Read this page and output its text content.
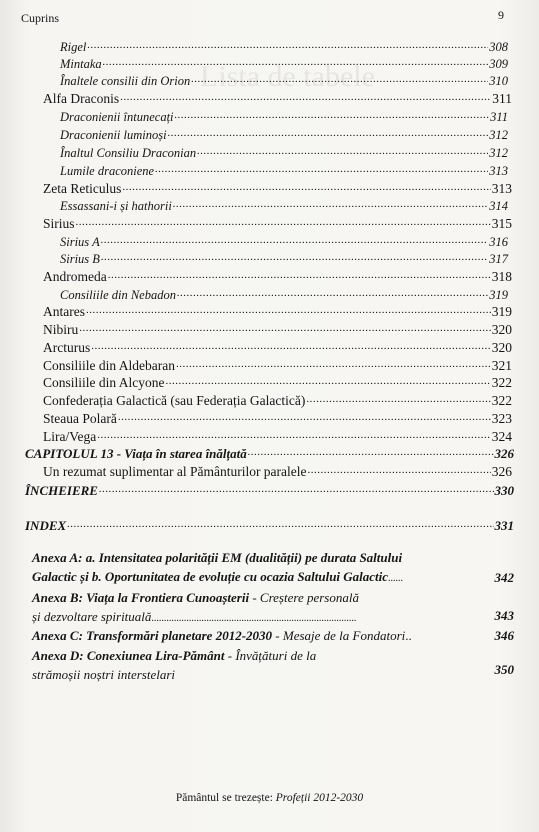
Lista de tabele
Cuprins	9
Rigel .....	308
Mintaka .....	309
Înaltele consilii din Orion .....	310
Alfa Draconis .....	311
Draconienii întunecați .....	311
Draconienii luminoși .....	312
Înaltul Consiliu Draconian .....	312
Lumile draconiene .....	313
Zeta Reticulus .....	313
Essassani-i și hathorii .....	314
Sirius .....	315
Sirius A .....	316
Sirius B .....	317
Andromeda .....	318
Consiliile din Nebadon .....	319
Antares .....	319
Nibiru .....	320
Arcturus .....	320
Consiliile din Aldebaran .....	321
Consiliile din Alcyone .....	322
Confederația Galactică (sau Federația Galactică) .....	322
Steaua Polară .....	323
Lira/Vega .....	324
CAPITOLUL 13 - Viața în starea înălțată .....	326
Un rezumat suplimentar al Pământurilor paralele .....	326
ÎNCHEIERE .....	330
INDEX .....	331
Anexa A: a. Intensitatea polarității EM (dualității) pe durata Saltului
Galactic și b. Oportunitatea de evoluție cu ocazia Saltului Galactic......	342
Anexa B: Viața la Frontiera Cunoașterii - Creștere personală
și dezvoltare spirituală..................................................................................	343
Anexa C: Transformări planetare 2012-2030 - Mesaje de la Fondatori..	346
Anexa D: Conexiunea Lira-Pământ - Învățături de la
strămoșii noștri interstelari	350
Pământul se trezește: Profeții 2012-2030
